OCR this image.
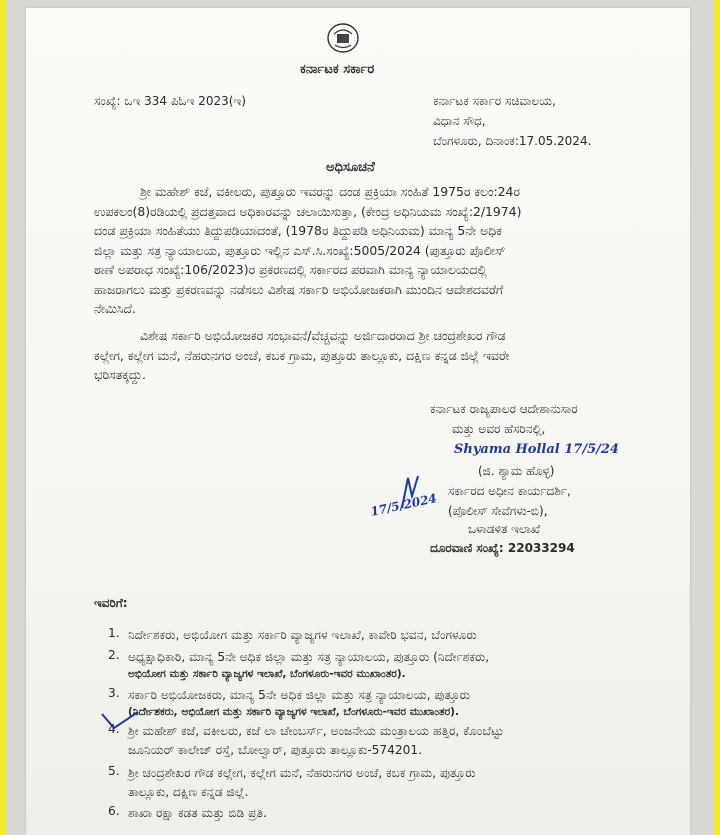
ಕರ್ನಾಟಕ ಸರ್ಕಾರ
ಸಂಖ್ಯೆ: ಒಇ 334 ಪಿಓಇ 2023(ಇ)	ಕರ್ನಾಟಕ ಸರ್ಕಾರ ಸಚಿವಾಲಯ,
ವಿಧಾನ ಸೌಧ,
ಬೆಂಗಳೂರು, ದಿನಾಂಕ:17.05.2024.
ಅಧಿಸೂಚನೆ
ಶ್ರೀ ಮಹೇಶ್ ಕಜೆ, ವಕೀಲರು, ಪುತ್ತೂರು ಇವರನ್ನು ದಂಡ ಪ್ರಕ್ರಿಯಾ ಸಂಹಿತೆ 1975ರ ಕಲಂ:24ರ
ಉಪಕಲಂ(8)ರಡಿಯಲ್ಲಿ ಪ್ರದತ್ತವಾದ ಅಧಿಕಾರವನ್ನು ಚಲಾಯಿಸುತ್ತಾ, (ಕೇಂದ್ರ ಅಧಿನಿಯಮ ಸಂಖ್ಯೆ:2/1974)
ದಂಡ ಪ್ರಕ್ರಿಯಾ ಸಂಹಿತೆಯು ತಿದ್ದುಪಡಿಯಾದಂತೆ, (1978ರ ತಿದ್ದುಪಡಿ ಅಧಿನಿಯಮ) ಮಾನ್ಯ 5ನೇ ಅಧಿಕ
ಜಿಲ್ಲಾ ಮತ್ತು ಸತ್ರ ನ್ಯಾಯಾಲಯ, ಪುತ್ತೂರು ಇಲ್ಲಿನ ಎಸ್.ಸಿ.ಸಂಖ್ಯೆ:5005/2024 (ಪುತ್ತೂರು ಪೊಲೀಸ್
ಠಾಣೆ ಅಪರಾಧ ಸಂಖ್ಯೆ:106/2023)ರ ಪ್ರಕರಣದಲ್ಲಿ ಸರ್ಕಾರದ ಪರವಾಗಿ ಮಾನ್ಯ ನ್ಯಾಯಾಲಯದಲ್ಲಿ
ಹಾಜರಾಗಲು ಮತ್ತು ಪ್ರಕರಣವನ್ನು ನಡೆಸಲು ವಿಶೇಷ ಸರ್ಕಾರಿ ಅಭಿಯೋಜಕರಾಗಿ ಮುಂದಿನ ಆದೇಶದವರೆಗೆ
ನೇಮಿಸಿದೆ.
ವಿಶೇಷ ಸರ್ಕಾರಿ ಅಭಿಯೋಜಕರ ಸಂಭಾವನೆ/ವೆಚ್ಚವನ್ನು ಅರ್ಜಿದಾರರಾದ ಶ್ರೀ ಚಂದ್ರಶೇಖರ ಗೌಡ
ಕಲ್ಲೇಗ, ಕಲ್ಲೇಗ ಮನೆ, ನೆಹರುನಗರ ಅಂಚೆ, ಕಬಕ ಗ್ರಾಮ, ಪುತ್ತೂರು ತಾಲ್ಲೂಕು, ದಕ್ಷಿಣ ಕನ್ನಡ ಜಿಲ್ಲೆ ಇವರೇ
ಭರಿಸತಕ್ಕದ್ದು.
ಕರ್ನಾಟಕ ರಾಜ್ಯಪಾಲರ ಆದೇಶಾನುಸಾರ
ಮತ್ತು ಅವರ ಹೆಸರಿನಲ್ಲಿ,
Shyama Hollal 17/5/24
(ಜಿ. ಶ್ಯಾಮ ಹೊಳ್ಳ)
ಸರ್ಕಾರದ ಅಧೀನ ಕಾರ್ಯದರ್ಶಿ,
(ಪೊಲೀಸ್ ಸೇವೆಗಳು-ಬಿ),
ಒಳಾಡಳಿತ ಇಲಾಖೆ
ದೂರವಾಣಿ ಸಂಖ್ಯೆ: 22033294
17/5/2024
ಇವರಿಗೆ:
1. ನಿರ್ದೇಶಕರು, ಅಭಿಯೋಗ ಮತ್ತು ಸರ್ಕಾರಿ ವ್ಯಾಜ್ಯಗಳ ಇಲಾಖೆ, ಕಾವೇರಿ ಭವನ, ಬೆಂಗಳೂರು
2. ಅಧ್ಯಕ್ಷಾಧಿಕಾರಿ, ಮಾನ್ಯ 5ನೇ ಅಧಿಕ ಜಿಲ್ಲಾ ಮತ್ತು ಸತ್ರ ನ್ಯಾಯಾಲಯ, ಪುತ್ತೂರು (ನಿರ್ದೇಶಕರು,
ಅಭಿಯೋಗ ಮತ್ತು ಸರ್ಕಾರಿ ವ್ಯಾಜ್ಯಗಳ ಇಲಾಖೆ, ಬೆಂಗಳೂರು-ಇವರ ಮುಖಾಂತರ).
3. ಸರ್ಕಾರಿ ಅಭಿಯೋಜಕರು, ಮಾನ್ಯ 5ನೇ ಅಧಿಕ ಜಿಲ್ಲಾ ಮತ್ತು ಸತ್ರ ನ್ಯಾಯಾಲಯ, ಪುತ್ತೂರು
(ನಿರ್ದೇಶಕರು, ಅಭಿಯೋಗ ಮತ್ತು ಸರ್ಕಾರಿ ವ್ಯಾಜ್ಯಗಳ ಇಲಾಖೆ, ಬೆಂಗಳೂರು-ಇವರ ಮುಖಾಂತರ).
4. ಶ್ರೀ ಮಹೇಶ್ ಕಜೆ, ವಕೀಲರು, ಕಜೆ ಲಾ ಚೇಂಬರ್ಸ್, ಅಂಜನೇಯ ಮಂತ್ರಾಲಯ ಹತ್ತಿರ, ಕೊಂಬೆಟ್ಟು
ಜೂನಿಯರ್ ಕಾಲೇಜ್ ರಸ್ತೆ, ಬೋಲ್ವಾರ್, ಪುತ್ತೂರು ತಾಲ್ಲೂಕು-574201.
5. ಶ್ರೀ ಚಂದ್ರಶೇಖರ ಗೌಡ ಕಲ್ಲೇಗ, ಕಲ್ಲೇಗ ಮನೆ, ನೆಹರುನಗರ ಅಂಚೆ, ಕಬಕ ಗ್ರಾಮ, ಪುತ್ತೂರು
ತಾಲ್ಲೂಕು, ದಕ್ಷಿಣ ಕನ್ನಡ ಜಿಲ್ಲೆ.
6. ಶಾಖಾ ರಕ್ಷಾ ಕಡತ ಮತ್ತು ಬಿಡಿ ಪ್ರತಿ.
